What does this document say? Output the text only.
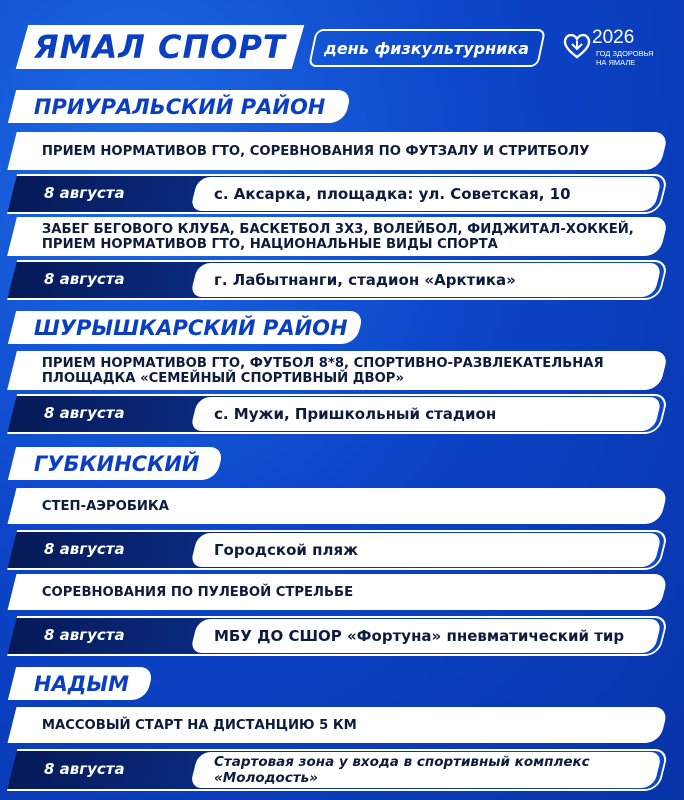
ЯМАЛ СПОРТ день физкультурника	2026
ГОД ЗДОРОВЬЯ
НА ЯМАЛЕ
ПРИУРАЛЬСКИЙ РАЙОН
ПРИЕМ НОРМАТИВОВ ГТО, СОРЕВНОВАНИЯ ПО ФУТЗАЛУ И СТРИТБОЛУ
8 августа	с. Аксарка, площадка: ул. Советская, 10
ЗАБЕГ БЕГОВОГО КЛУБА, БАСКЕТБОЛ 3Х3, ВОЛЕЙБОЛ, ФИДЖИТАЛ-ХОККЕЙ, ПРИЕМ НОРМАТИВОВ ГТО, НАЦИОНАЛЬНЫЕ ВИДЫ СПОРТА
8 августа	г. Лабытнанги, стадион «Арктика»
ШУРЫШКАРСКИЙ РАЙОН
ПРИЕМ НОРМАТИВОВ ГТО, ФУТБОЛ 8*8, СПОРТИВНО-РАЗВЛЕКАТЕЛЬНАЯ ПЛОЩАДКА «СЕМЕЙНЫЙ СПОРТИВНЫЙ ДВОР»
8 августа	с. Мужи, Пришкольный стадион
ГУБКИНСКИЙ
СТЕП-АЭРОБИКА
8 августа	Городской пляж
СОРЕВНОВАНИЯ ПО ПУЛЕВОЙ СТРЕЛЬБЕ
8 августа	МБУ ДО СШОР «Фортуна» пневматический тир
НАДЫМ
МАССОВЫЙ СТАРТ НА ДИСТАНЦИЮ 5 КМ
8 августа	Стартовая зона у входа в спортивный комплекс «Молодость»
